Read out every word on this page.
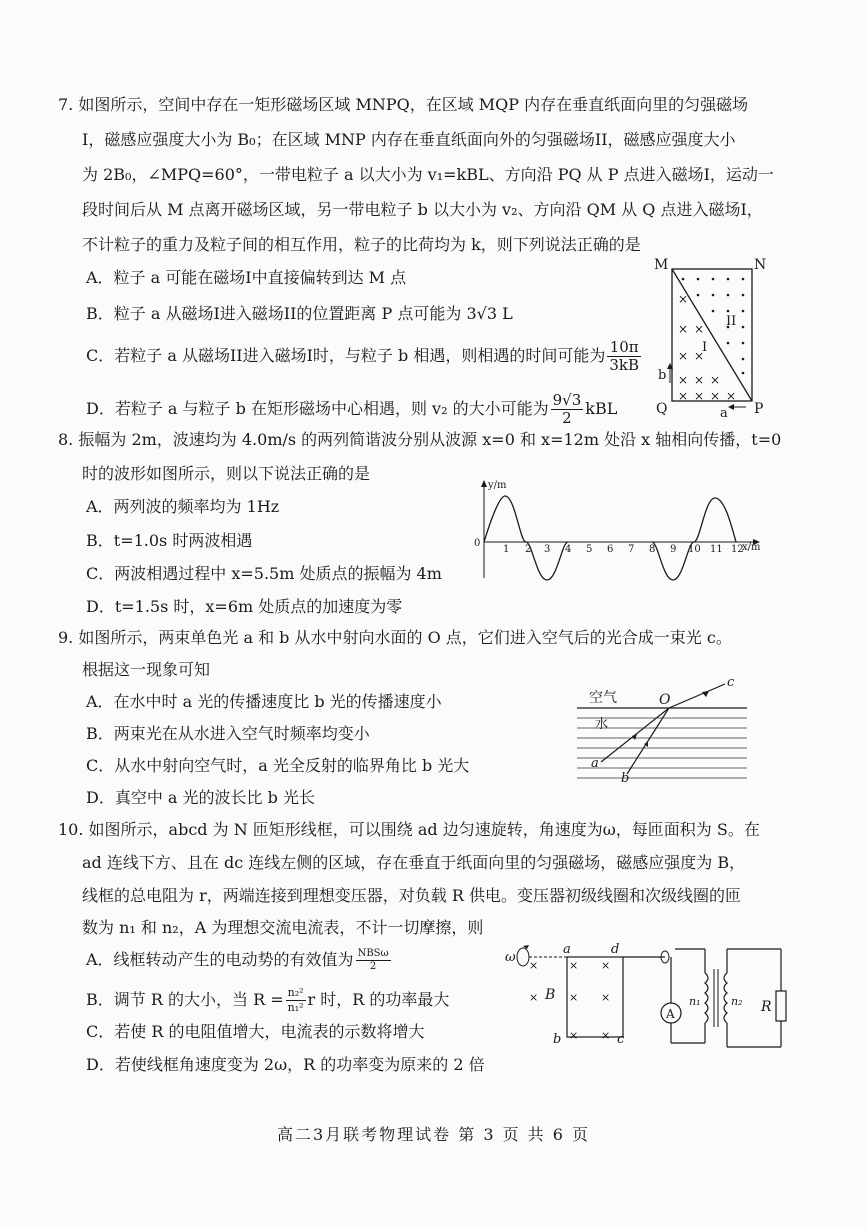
7. 如图所示，空间中存在一矩形磁场区域 MNPQ，在区域 MQP 内存在垂直纸面向里的匀强磁场
I，磁感应强度大小为 B₀；在区域 MNP 内存在垂直纸面向外的匀强磁场II，磁感应强度大小
为 2B₀，∠MPQ=60°，一带电粒子 a 以大小为 v₁=kBL、方向沿 PQ 从 P 点进入磁场I，运动一
段时间后从 M 点离开磁场区域，另一带电粒子 b 以大小为 v₂、方向沿 QM 从 Q 点进入磁场I，
不计粒子的重力及粒子间的相互作用，粒子的比荷均为 k，则下列说法正确的是
A．粒子 a 可能在磁场I中直接偏转到达 M 点
B．粒子 a 从磁场I进入磁场II的位置距离 P 点可能为 3√3 L
C．若粒子 a 从磁场II进入磁场I时，与粒子 b 相遇，则相遇的时间可能为 $\frac{10\pi}{3kB}$
D．若粒子 a 与粒子 b 在矩形磁场中心相遇，则 v₂ 的大小可能为 $\frac{9√3}{2}$ kBL
×
× ×
× ×
× × ×
× × × ×
M	N
Q	P
II
I
b
a
8. 振幅为 2m，波速均为 4.0m/s 的两列简谐波分别从波源 x=0 和 x=12m 处沿 x 轴相向传播，t=0
时的波形如图所示，则以下说法正确的是
A．两列波的频率均为 1Hz
B．t=1.0s 时两波相遇
C．两波相遇过程中 x=5.5m 处质点的振幅为 4m
D．t=1.5s 时，x=6m 处质点的加速度为零
y/m
x/m
0
1 2 3 4 5 6 7 8 9 10 11 12
9. 如图所示，两束单色光 a 和 b 从水中射向水面的 O 点，它们进入空气后的光合成一束光 c。
根据这一现象可知
A．在水中时 a 光的传播速度比 b 光的传播速度小
B．两束光在从水进入空气时频率均变小
C．从水中射向空气时，a 光全反射的临界角比 b 光大
D．真空中 a 光的波长比 b 光长
空气
水
O
c
a
b
10. 如图所示，abcd 为 N 匝矩形线框，可以围绕 ad 边匀速旋转，角速度为ω，每匝面积为 S。在
ad 连线下方、且在 dc 连线左侧的区域，存在垂直于纸面向里的匀强磁场，磁感应强度为 B，
线框的总电阻为 r，两端连接到理想变压器，对负载 R 供电。变压器初级线圈和次级线圈的匝
数为 n₁ 和 n₂，A 为理想交流电流表，不计一切摩擦，则
A．线框转动产生的电动势的有效值为 $\frac{\text{NBSω}}{2}$
B．调节 R 的大小，当 $R = \frac{\text{n₂²}}{\text{n₁²}}$ r 时，R 的功率最大
C．若使 R 的电阻值增大，电流表的示数将增大
D．若使线框角速度变为 2ω，R 的功率变为原来的 2 倍
ω
a	d
b	c
B
×	× ×
×	× ×
× ×
A
n₁	n₂ R
高二3月联考物理试卷 第 3 页 共 6 页
